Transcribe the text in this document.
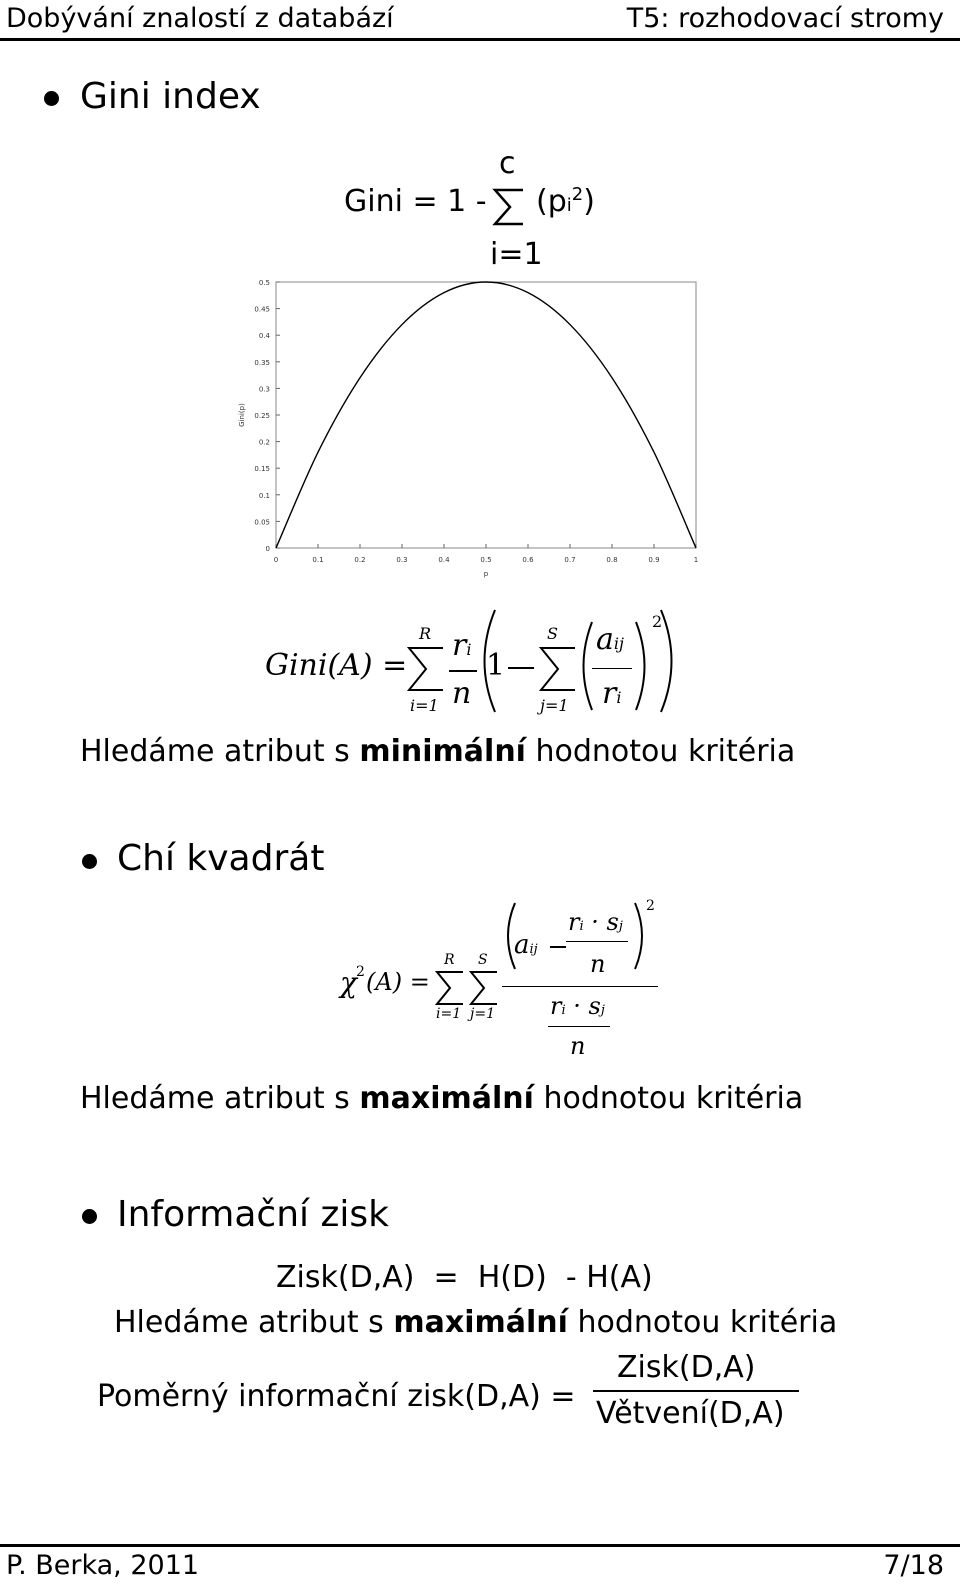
Dobývání znalostí z databází	T5: rozhodovací stromy
Gini index
Gini = 1 -
c
i=1
$(pi^2)$
0	0.1	0.2	0.3	0.4	0.5	0.6	0.7	0.8	0.9	1
0
0.05
0.1
0.15
0.2
0.25
0.3
0.35
0.4
0.45
0.5
p
Gini(p)
Gini(A) =
R
i=1
ri
n
1
S
j=1
aij
ri
2
Hledáme atribut s minimální hodnotou kritéria
Chí kvadrát
χ 2 (A) =
R
i=1
S
j=1
aij
ri · sj
n
2
ri · sj
n
Hledáme atribut s maximální hodnotou kritéria
Informační zisk
Zisk(D,A)  =  H(D)  - H(A)
Hledáme atribut s maximální hodnotou kritéria
Poměrný informační zisk(D,A) =
Zisk(D,A)
Větvení(D,A)
P. Berka, 2011	7/18
